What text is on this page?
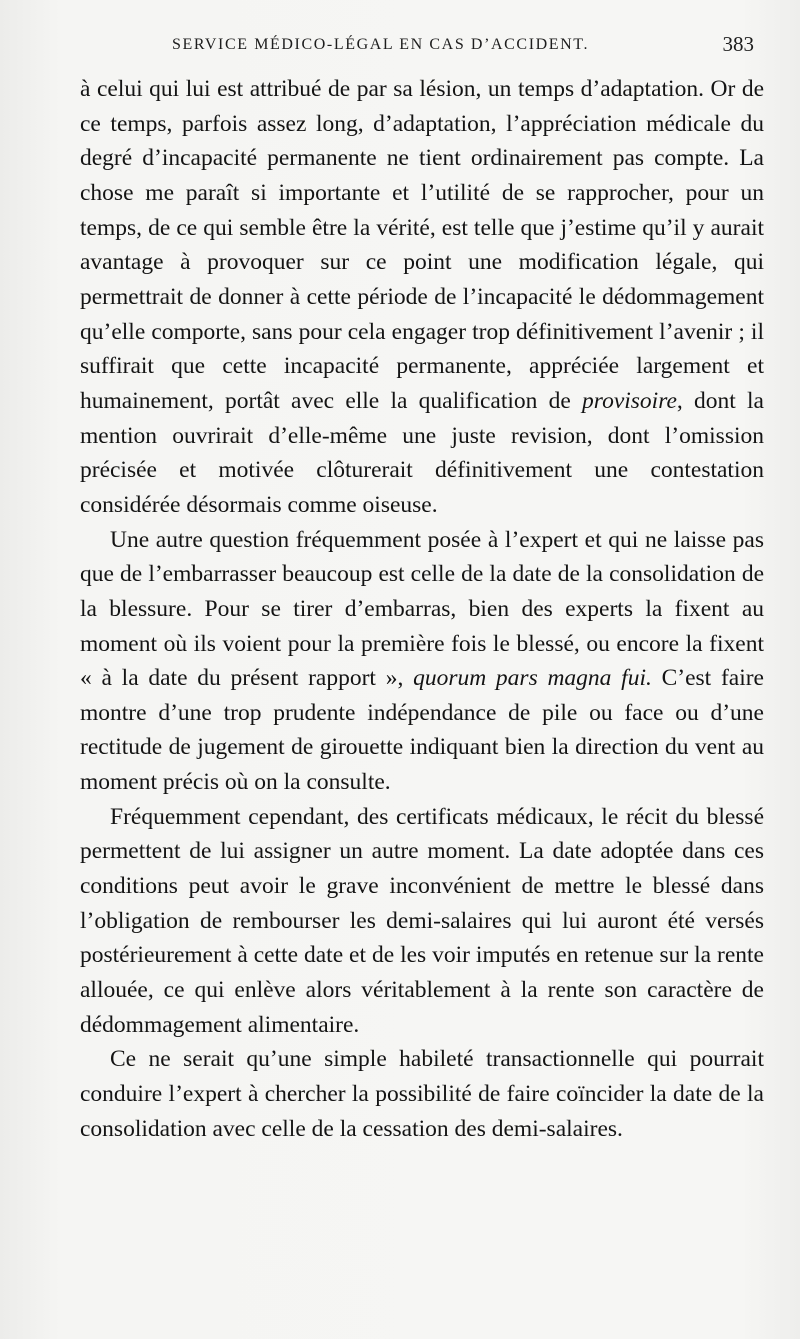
SERVICE MÉDICO-LÉGAL EN CAS D’ACCIDENT.	383

à celui qui lui est attribué de par sa lésion, un temps d’adaptation. Or de ce temps, parfois assez long, d’adaptation, l’appréciation médicale du degré d’incapacité permanente ne tient ordinairement pas compte. La chose me paraît si importante et l’utilité de se rapprocher, pour un temps, de ce qui semble être la vérité, est telle que j’estime qu’il y aurait avantage à provoquer sur ce point une modification légale, qui permettrait de donner à cette période de l’incapacité le dédommagement qu’elle comporte, sans pour cela engager trop définitivement l’avenir ; il suffirait que cette incapacité permanente, appréciée largement et humainement, portât avec elle la qualification de provisoire, dont la mention ouvrirait d’elle-même une juste revision, dont l’omission précisée et motivée clôturerait définitivement une contestation considérée désormais comme oiseuse.

Une autre question fréquemment posée à l’expert et qui ne laisse pas que de l’embarrasser beaucoup est celle de la date de la consolidation de la blessure. Pour se tirer d’embarras, bien des experts la fixent au moment où ils voient pour la première fois le blessé, ou encore la fixent « à la date du présent rapport », quorum pars magna fui. C’est faire montre d’une trop prudente indépendance de pile ou face ou d’une rectitude de jugement de girouette indiquant bien la direction du vent au moment précis où on la consulte.

Fréquemment cependant, des certificats médicaux, le récit du blessé permettent de lui assigner un autre moment. La date adoptée dans ces conditions peut avoir le grave inconvénient de mettre le blessé dans l’obligation de rembourser les demi-salaires qui lui auront été versés postérieurement à cette date et de les voir imputés en retenue sur la rente allouée, ce qui enlève alors véritablement à la rente son caractère de dédommagement alimentaire.

Ce ne serait qu’une simple habileté transactionnelle qui pourrait conduire l’expert à chercher la possibilité de faire coïncider la date de la consolidation avec celle de la cessation des demi-salaires.
